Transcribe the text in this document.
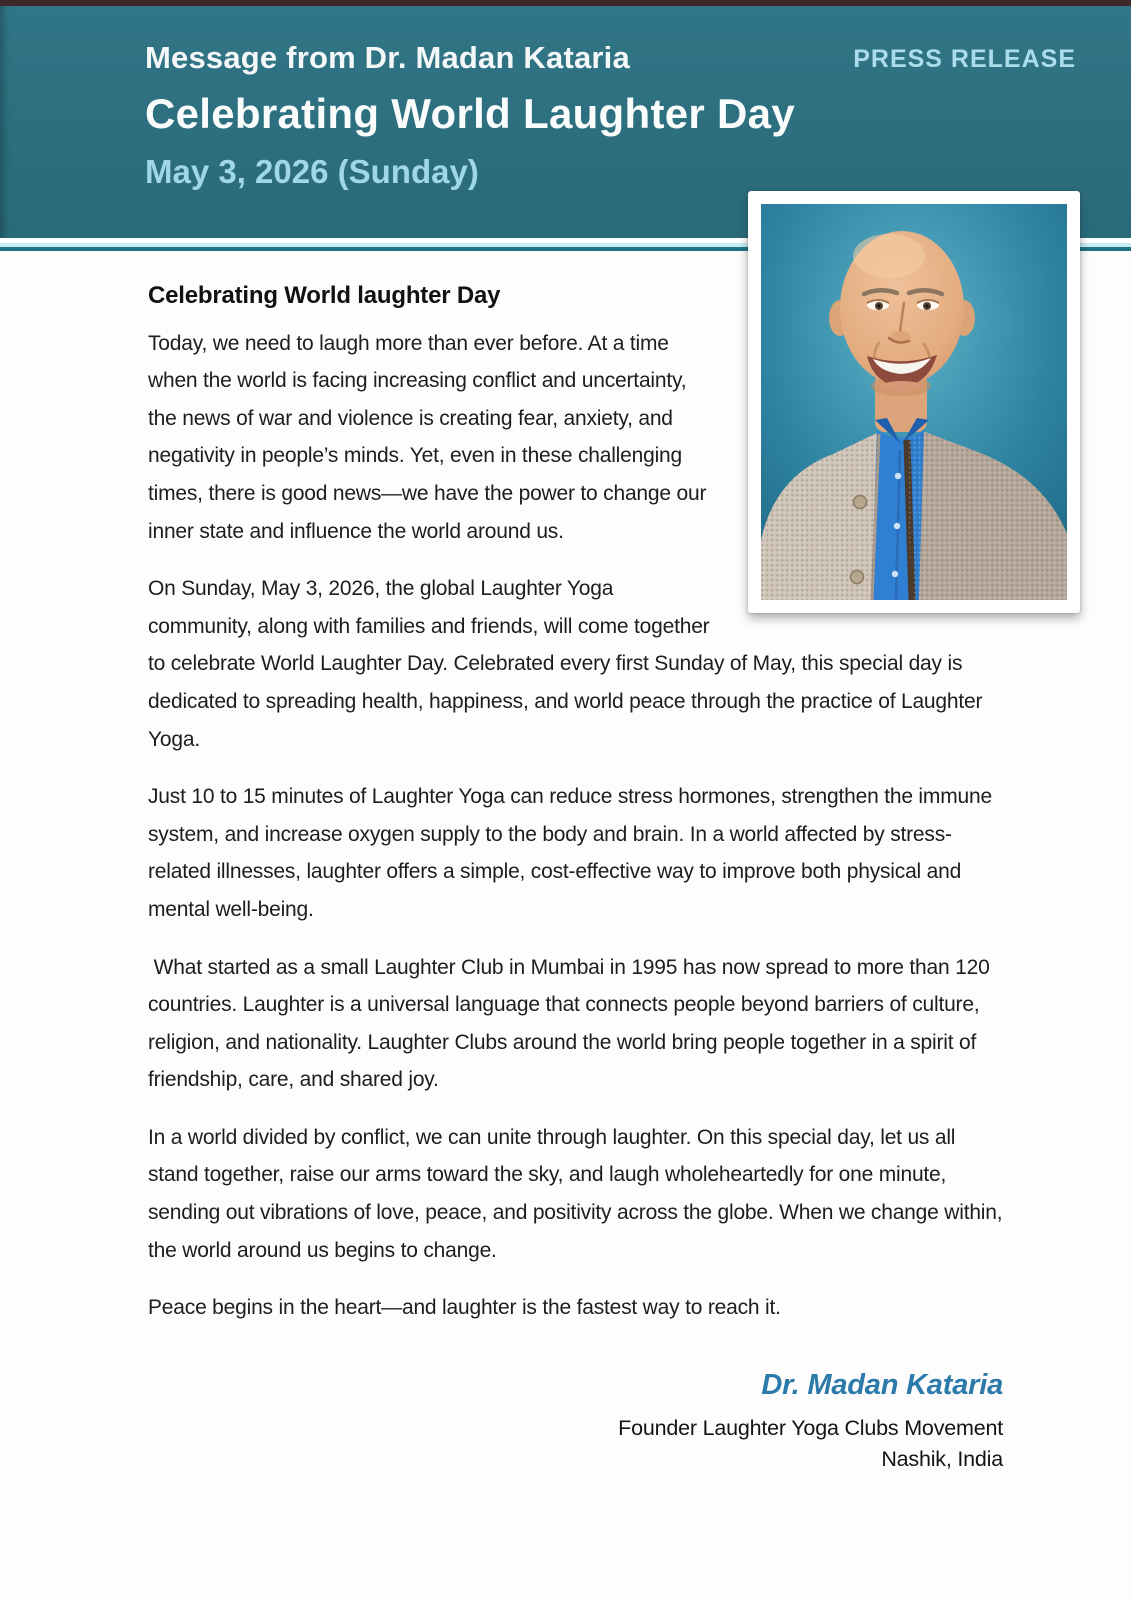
Message from Dr. Madan Kataria	PRESS RELEASE
Celebrating World Laughter Day
May 3, 2026 (Sunday)
Celebrating World laughter Day

Today, we need to laugh more than ever before. At a time when the world is facing increasing conflict and uncertainty, the news of war and violence is creating fear, anxiety, and negativity in people’s minds. Yet, even in these challenging times, there is good news—we have the power to change our inner state and influence the world around us.

On Sunday, May 3, 2026, the global Laughter Yoga community, along with families and friends, will come together to celebrate World Laughter Day. Celebrated every first Sunday of May, this special day is dedicated to spreading health, happiness, and world peace through the practice of Laughter Yoga.

Just 10 to 15 minutes of Laughter Yoga can reduce stress hormones, strengthen the immune system, and increase oxygen supply to the body and brain. In a world affected by stress-related illnesses, laughter offers a simple, cost-effective way to improve both physical and mental well-being.

What started as a small Laughter Club in Mumbai in 1995 has now spread to more than 120 countries. Laughter is a universal language that connects people beyond barriers of culture, religion, and nationality. Laughter Clubs around the world bring people together in a spirit of friendship, care, and shared joy.

In a world divided by conflict, we can unite through laughter. On this special day, let us all stand together, raise our arms toward the sky, and laugh wholeheartedly for one minute, sending out vibrations of love, peace, and positivity across the globe. When we change within, the world around us begins to change.

Peace begins in the heart—and laughter is the fastest way to reach it.

Dr. Madan Kataria
Founder Laughter Yoga Clubs Movement
Nashik, India
